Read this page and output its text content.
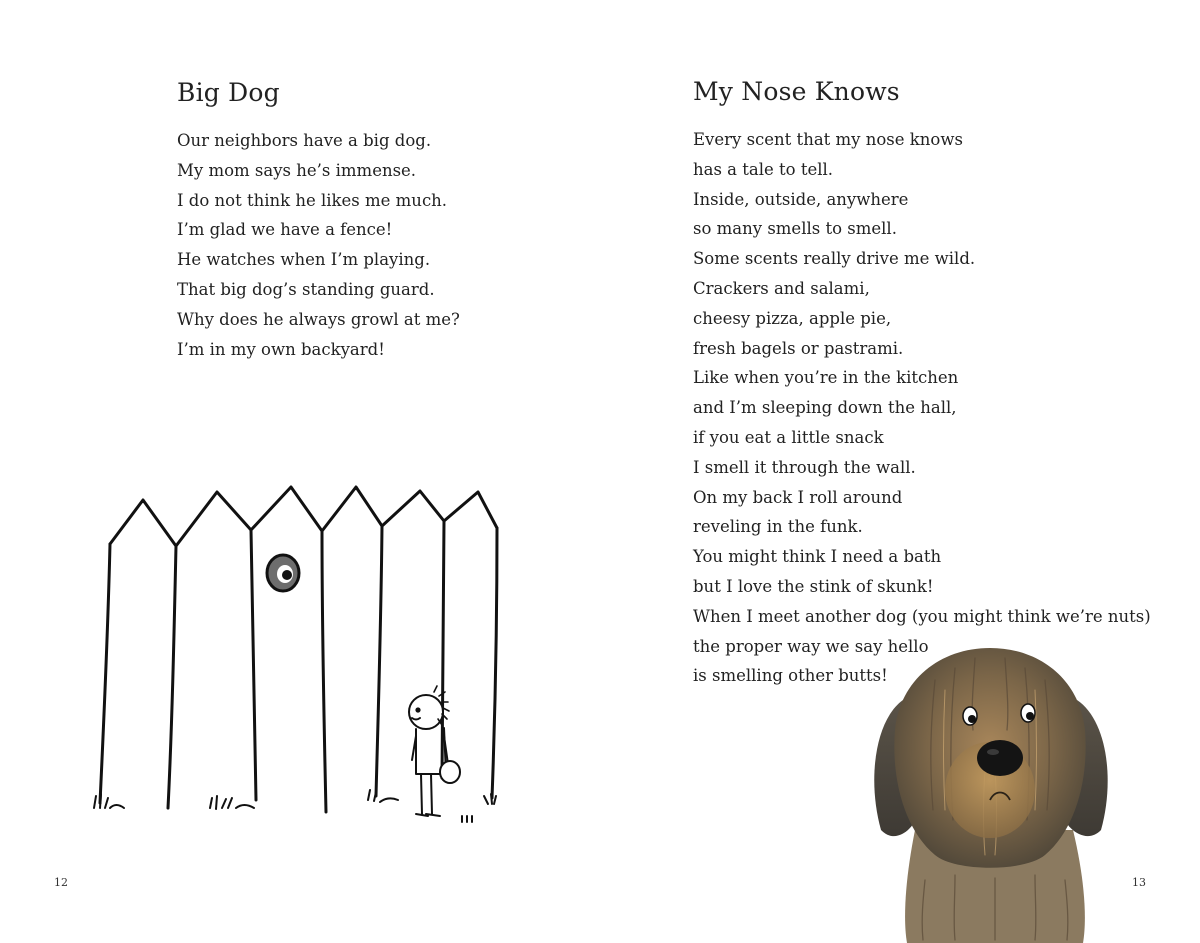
Big Dog
Our neighbors have a big dog.
My mom says he’s immense.
I do not think he likes me much.
I’m glad we have a fence!
He watches when I’m playing.
That big dog’s standing guard.
Why does he always growl at me?
I’m in my own backyard!
12
My Nose Knows
Every scent that my nose knows
has a tale to tell.
Inside, outside, anywhere
so many smells to smell.
Some scents really drive me wild.
Crackers and salami,
cheesy pizza, apple pie,
fresh bagels or pastrami.
Like when you’re in the kitchen
and I’m sleeping down the hall,
if you eat a little snack
I smell it through the wall.
On my back I roll around
reveling in the funk.
You might think I need a bath
but I love the stink of skunk!
When I meet another dog (you might think we’re nuts)
the proper way we say hello
is smelling other butts!
13
